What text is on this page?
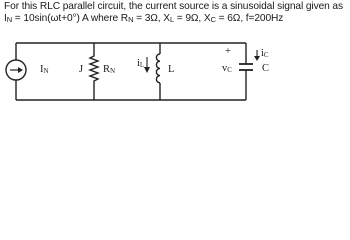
For this RLC parallel circuit, the current source is a sinusoidal signal given as
$I_N = 10\sin(\omega t+0^\circ)$ A where $R_N = 3\Omega$, $X_L = 9\Omega$, $X_C = 6\Omega$, f=200Hz
$I_N$	J $R_N$
$i_L$ L
+
$v_C$
$i_C$
C
